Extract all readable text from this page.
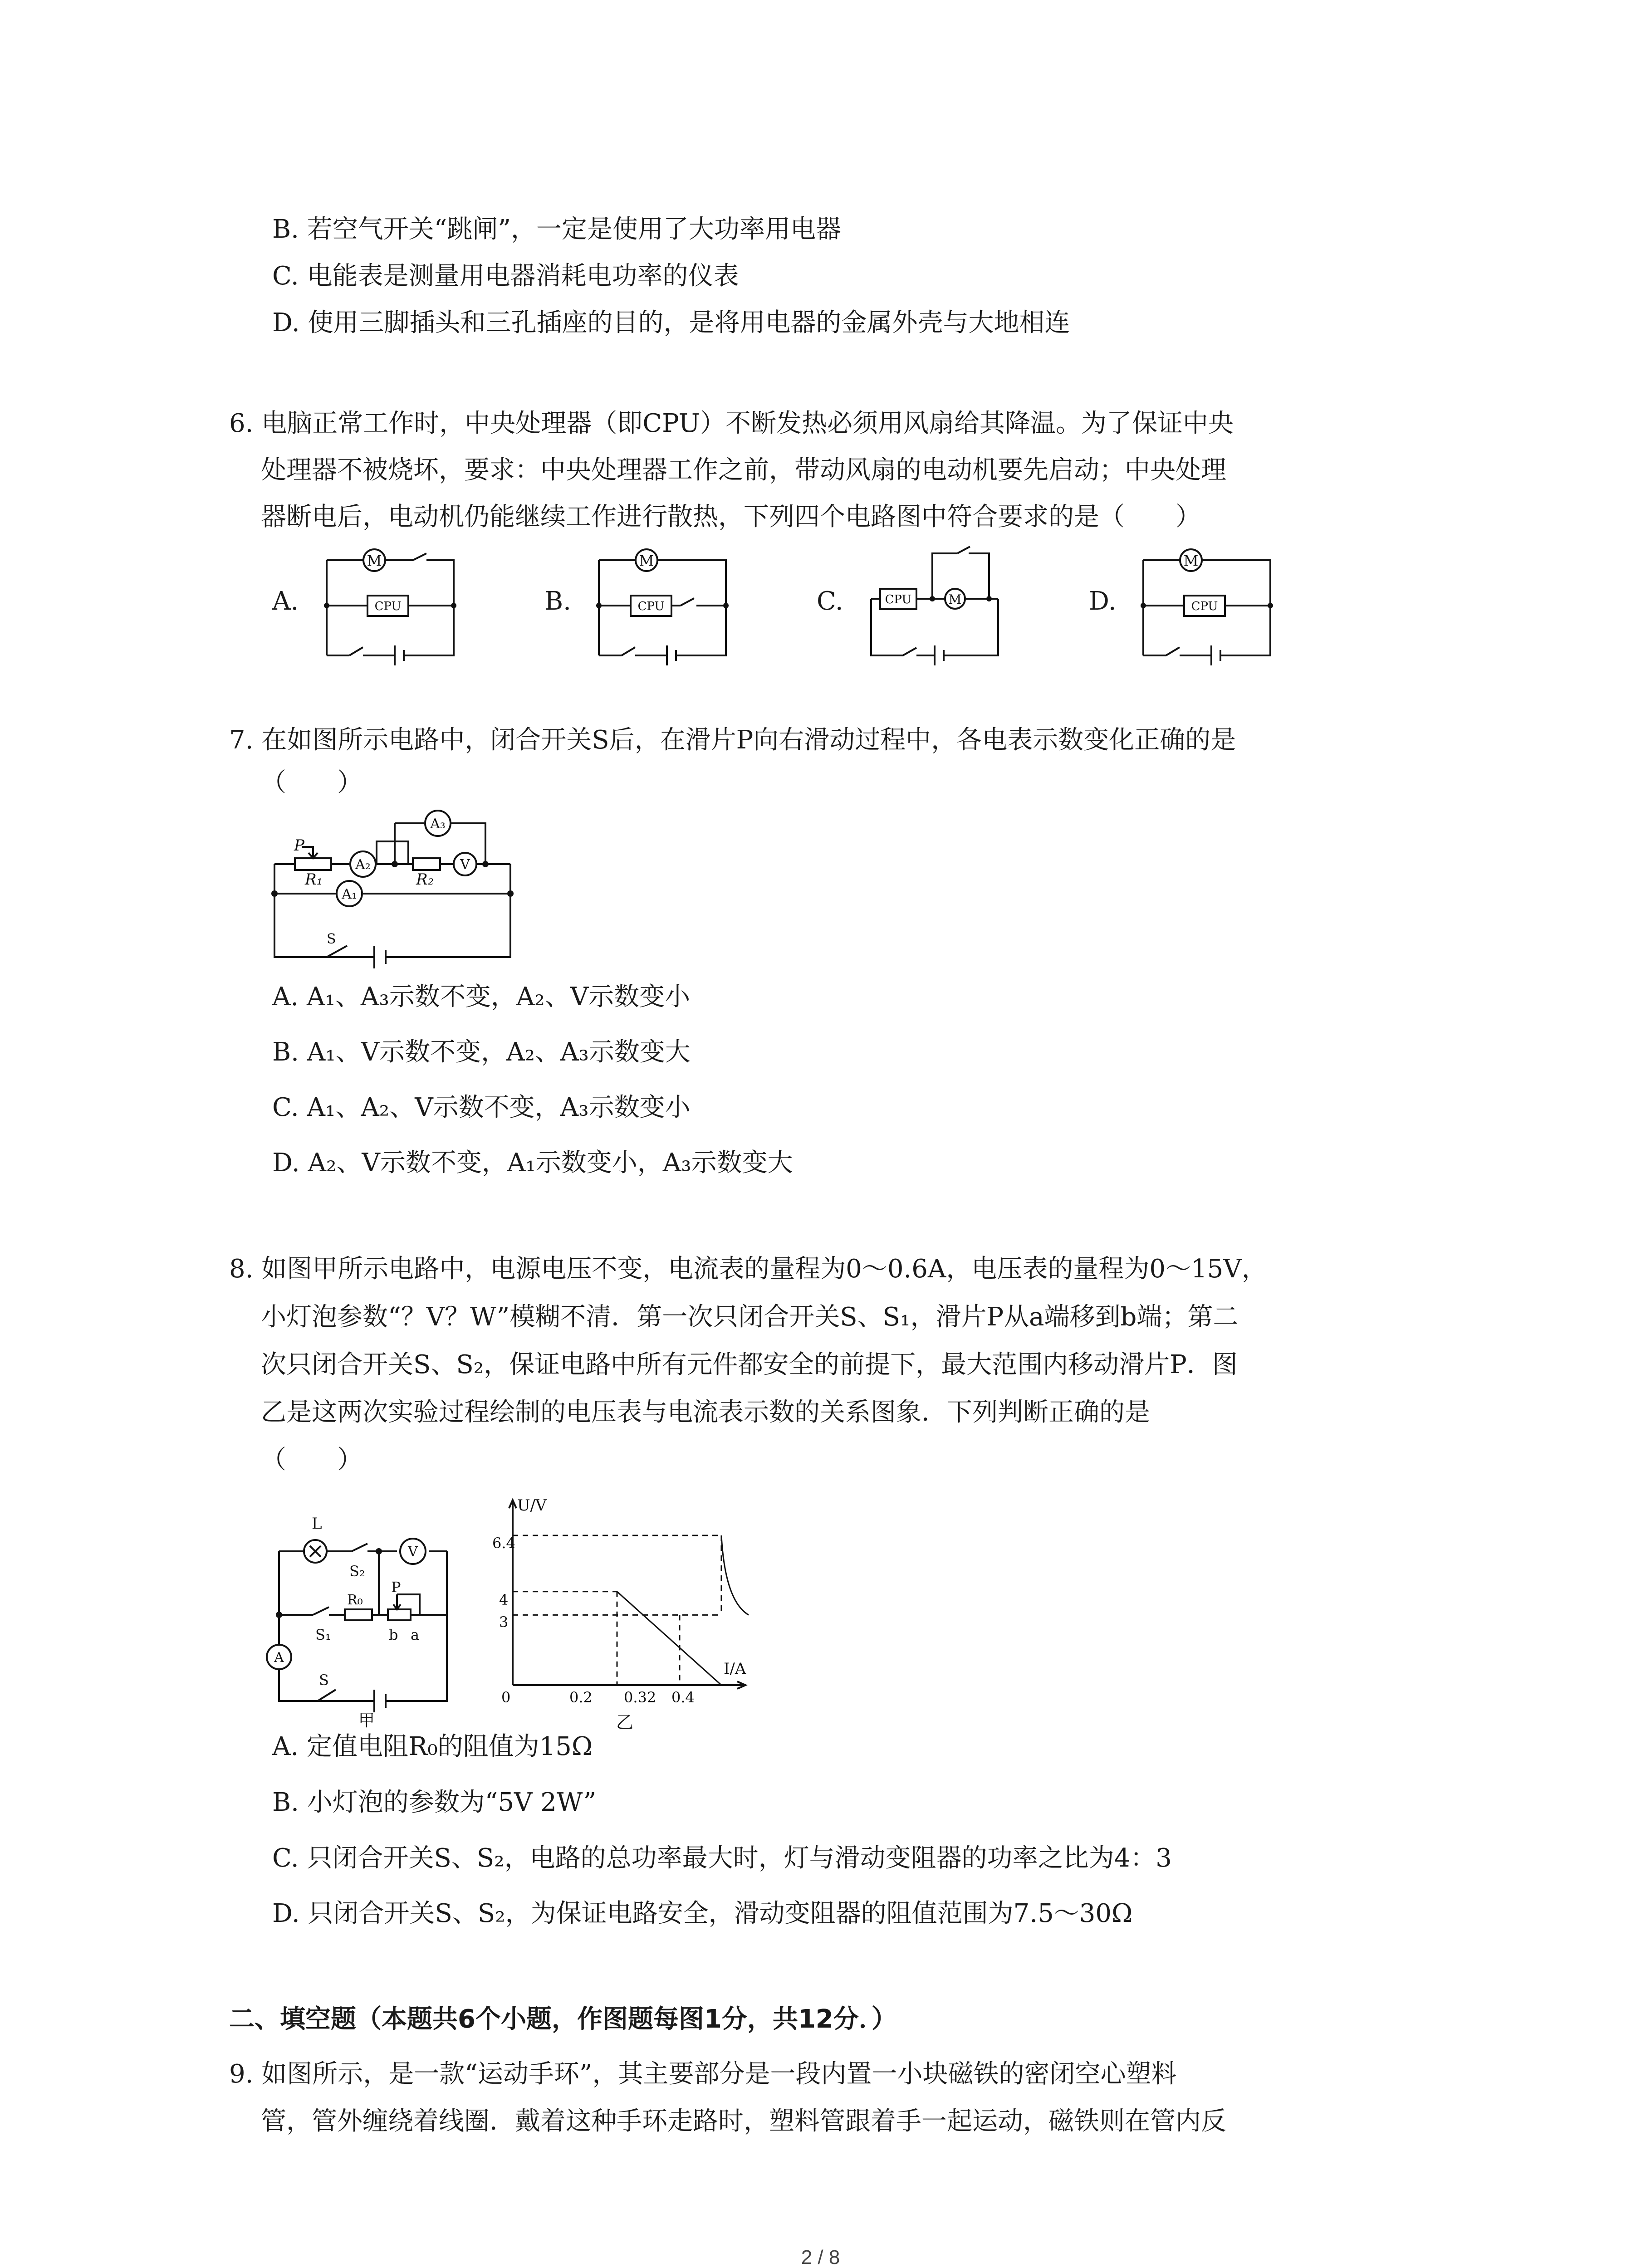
B. 若空气开关“跳闸”，一定是使用了大功率用电器
C. 电能表是测量用电器消耗电功率的仪表
D. 使用三脚插头和三孔插座的目的，是将用电器的金属外壳与大地相连
6. 电脑正常工作时，中央处理器（即CPU）不断发热必须用风扇给其降温。为了保证中央
处理器不被烧坏，要求：中央处理器工作之前，带动风扇的电动机要先启动；中央处理
器断电后，电动机仍能继续工作进行散热，下列四个电路图中符合要求的是（　　）
A.	B.	C.	D.
M
CPU
M
CPU	CPU	M
M
CPU
7. 在如图所示电路中，闭合开关S后，在滑片P向右滑动过程中，各电表示数变化正确的是
（　　）
P
R₁	R₂
A₃
A₂	V
A₁
S
A. A₁、A₃示数不变，A₂、V示数变小
B. A₁、V示数不变，A₂、A₃示数变大
C. A₁、A₂、V示数不变，A₃示数变小
D. A₂、V示数不变，A₁示数变小，A₃示数变大
8. 如图甲所示电路中，电源电压不变，电流表的量程为0～0.6A，电压表的量程为0～15V，
小灯泡参数“？V？W”模糊不清．第一次只闭合开关S、S₁，滑片P从a端移到b端；第二
次只闭合开关S、S₂，保证电路中所有元件都安全的前提下，最大范围内移动滑片P．图
乙是这两次实验过程绘制的电压表与电流表示数的关系图象．下列判断正确的是
（　　）
L
S₂
V
R₀
P
S₁	b a
A
S
甲
U/V
I/A
0
6.4
4
3
0.2 0.32 0.4
乙
A. 定值电阻R₀的阻值为15Ω
B. 小灯泡的参数为“5V 2W”
C. 只闭合开关S、S₂，电路的总功率最大时，灯与滑动变阻器的功率之比为4：3
D. 只闭合开关S、S₂，为保证电路安全，滑动变阻器的阻值范围为7.5～30Ω
二、填空题（本题共6个小题，作图题每图1分，共12分．）
9. 如图所示，是一款“运动手环”，其主要部分是一段内置一小块磁铁的密闭空心塑料
管，管外缠绕着线圈．戴着这种手环走路时，塑料管跟着手一起运动，磁铁则在管内反
2 / 8
